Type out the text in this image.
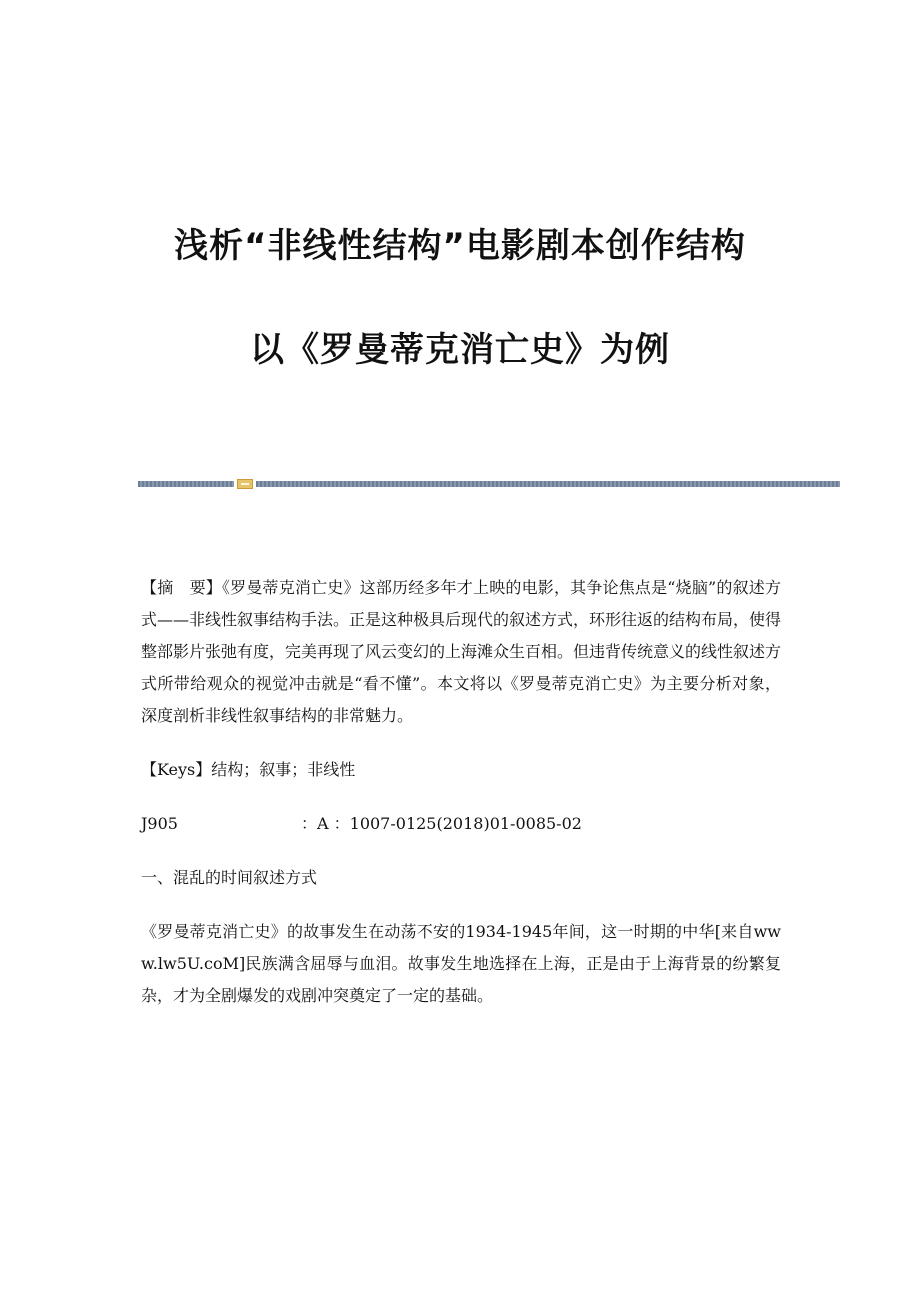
浅析“非线性结构”电影剧本创作结构
以《罗曼蒂克消亡史》为例

【摘　要】《罗曼蒂克消亡史》这部历经多年才上映的电影，其争论焦点是“烧脑”的叙述方式——非线性叙事结构手法。正是这种极具后现代的叙述方式，环形往返的结构布局，使得整部影片张弛有度，完美再现了风云变幻的上海滩众生百相。但违背传统意义的线性叙述方式所带给观众的视觉冲击就是“看不懂”。本文将以《罗曼蒂克消亡史》为主要分析对象，深度剖析非线性叙事结构的非常魅力。

【Keys】结构；叙事；非线性

J905	：A ：1007-0125(2018)01-0085-02

一、混乱的时间叙述方式

《罗曼蒂克消亡史》的故事发生在动荡不安的1934-1945年间，这一时期的中华[来自www.lw5U.coM]民族满含屈辱与血泪。故事发生地选择在上海，正是由于上海背景的纷繁复杂，才为全剧爆发的戏剧冲突奠定了一定的基础。
